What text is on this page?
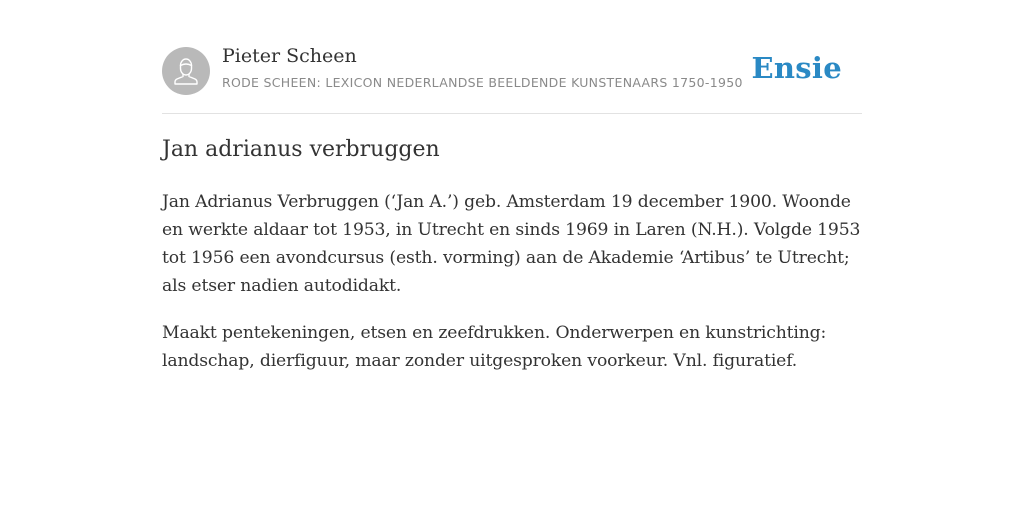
Pieter Scheen
RODE SCHEEN: LEXICON NEDERLANDSE BEELDENDE KUNSTENAARS 1750-1950 Ensie
Jan adrianus verbruggen

Jan Adrianus Verbruggen (‘Jan A.’) geb. Amsterdam 19 december 1900. Woonde en werkte aldaar tot 1953, in Utrecht en sinds 1969 in Laren (N.H.). Volgde 1953 tot 1956 een avondcursus (esth. vorming) aan de Akademie ‘Artibus’ te Utrecht; als etser nadien autodidakt.

Maakt pentekeningen, etsen en zeefdrukken. Onderwerpen en kunstrichting: landschap, dierfiguur, maar zonder uitgesproken voorkeur. Vnl. figuratief.
